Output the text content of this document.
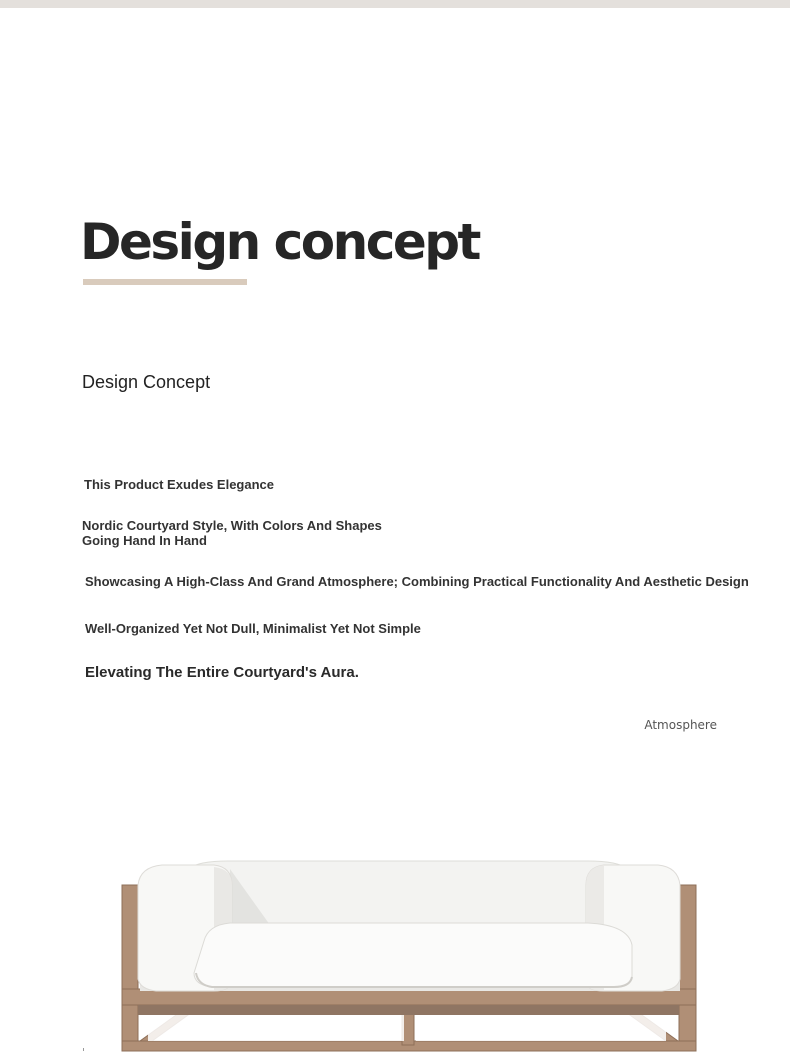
Design concept
Design Concept

This Product Exudes Elegance

Nordic Courtyard Style, With Colors And Shapes Going Hand In Hand

Showcasing A High-Class And Grand Atmosphere; Combining Practical Functionality And Aesthetic Design

Well-Organized Yet Not Dull, Minimalist Yet Not Simple

Elevating The Entire Courtyard's Aura.

Atmosphere
